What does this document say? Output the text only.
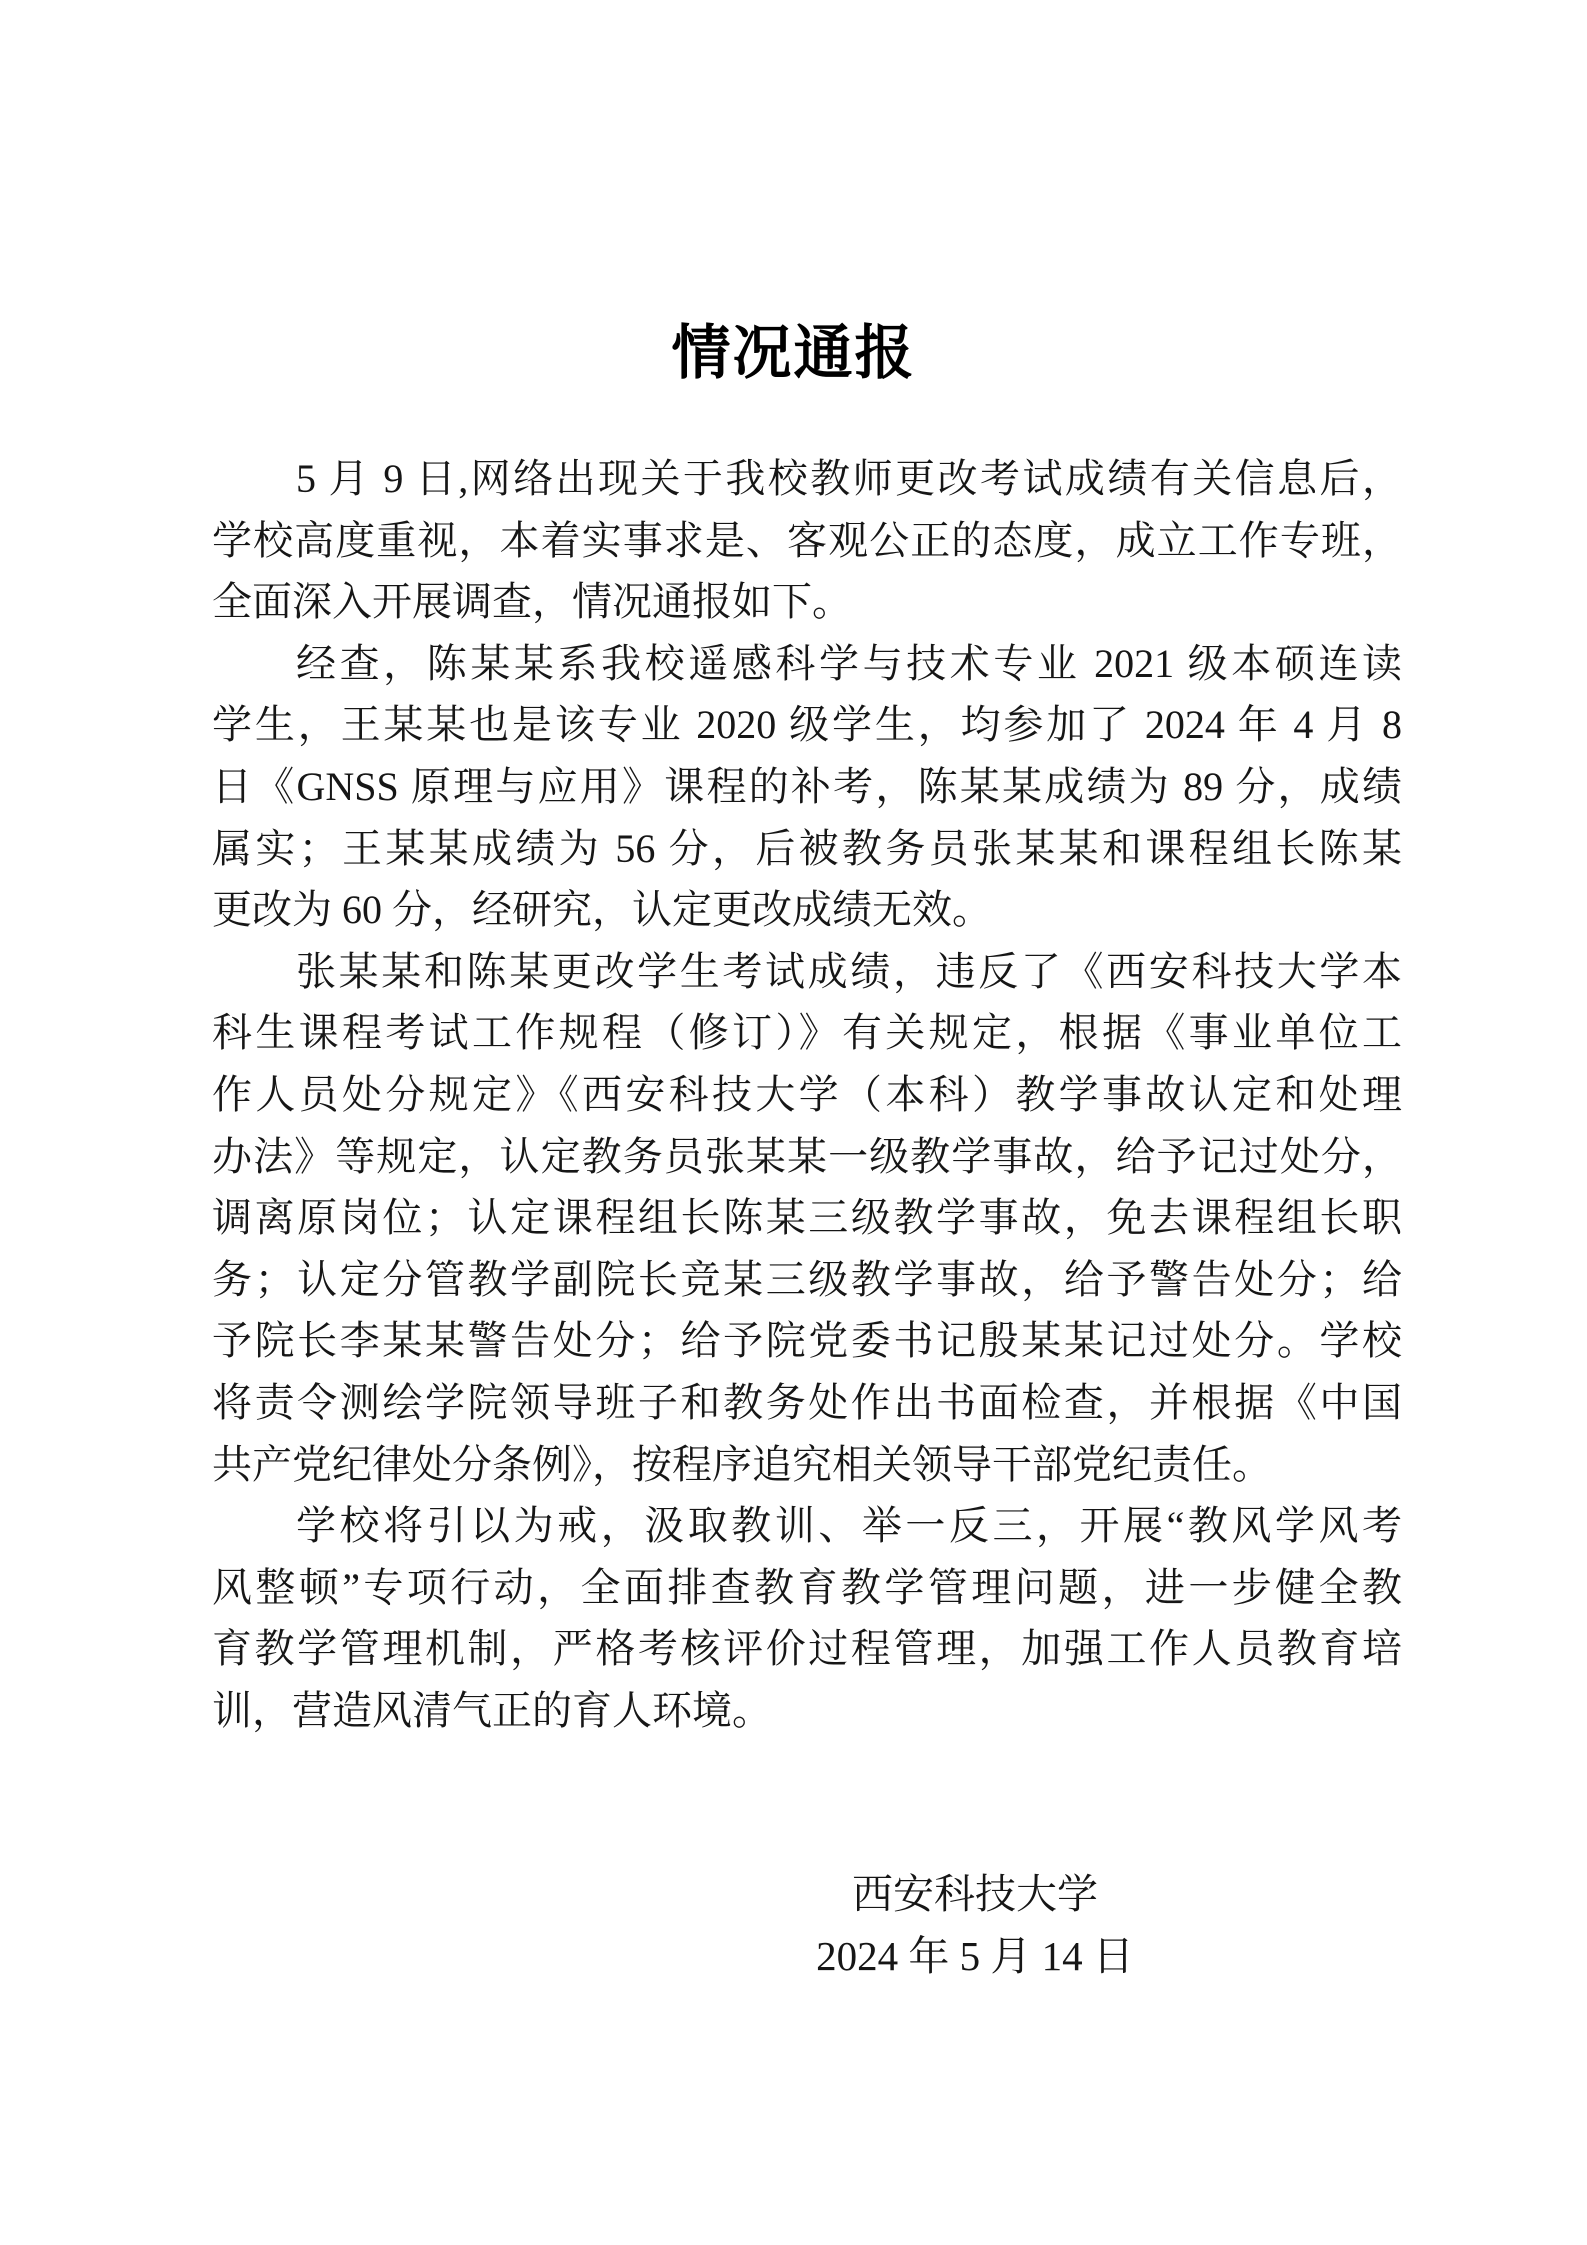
情况通报

5 月 9 日,网络出现关于我校教师更改考试成绩有关信息后，

学校高度重视，本着实事求是、客观公正的态度，成立工作专班，

全面深入开展调查，情况通报如下。

经查，陈某某系我校遥感科学与技术专业 2021 级本硕连读

学生，王某某也是该专业 2020 级学生，均参加了 2024 年 4 月 8

日《GNSS 原理与应用》课程的补考，陈某某成绩为 89 分，成绩

属实；王某某成绩为 56 分，后被教务员张某某和课程组长陈某

更改为 60 分，经研究，认定更改成绩无效。

张某某和陈某更改学生考试成绩，违反了《西安科技大学本

科生课程考试工作规程（修订）》有关规定，根据《事业单位工

作人员处分规定》《西安科技大学（本科）教学事故认定和处理

办法》等规定，认定教务员张某某一级教学事故，给予记过处分，

调离原岗位；认定课程组长陈某三级教学事故，免去课程组长职

务；认定分管教学副院长竞某三级教学事故，给予警告处分；给

予院长李某某警告处分；给予院党委书记殷某某记过处分。学校

将责令测绘学院领导班子和教务处作出书面检查，并根据《中国

共产党纪律处分条例》，按程序追究相关领导干部党纪责任。

学校将引以为戒，汲取教训、举一反三，开展“教风学风考

风整顿”专项行动，全面排查教育教学管理问题，进一步健全教

育教学管理机制，严格考核评价过程管理，加强工作人员教育培

训，营造风清气正的育人环境。

西安科技大学

2024 年 5 月 14 日
